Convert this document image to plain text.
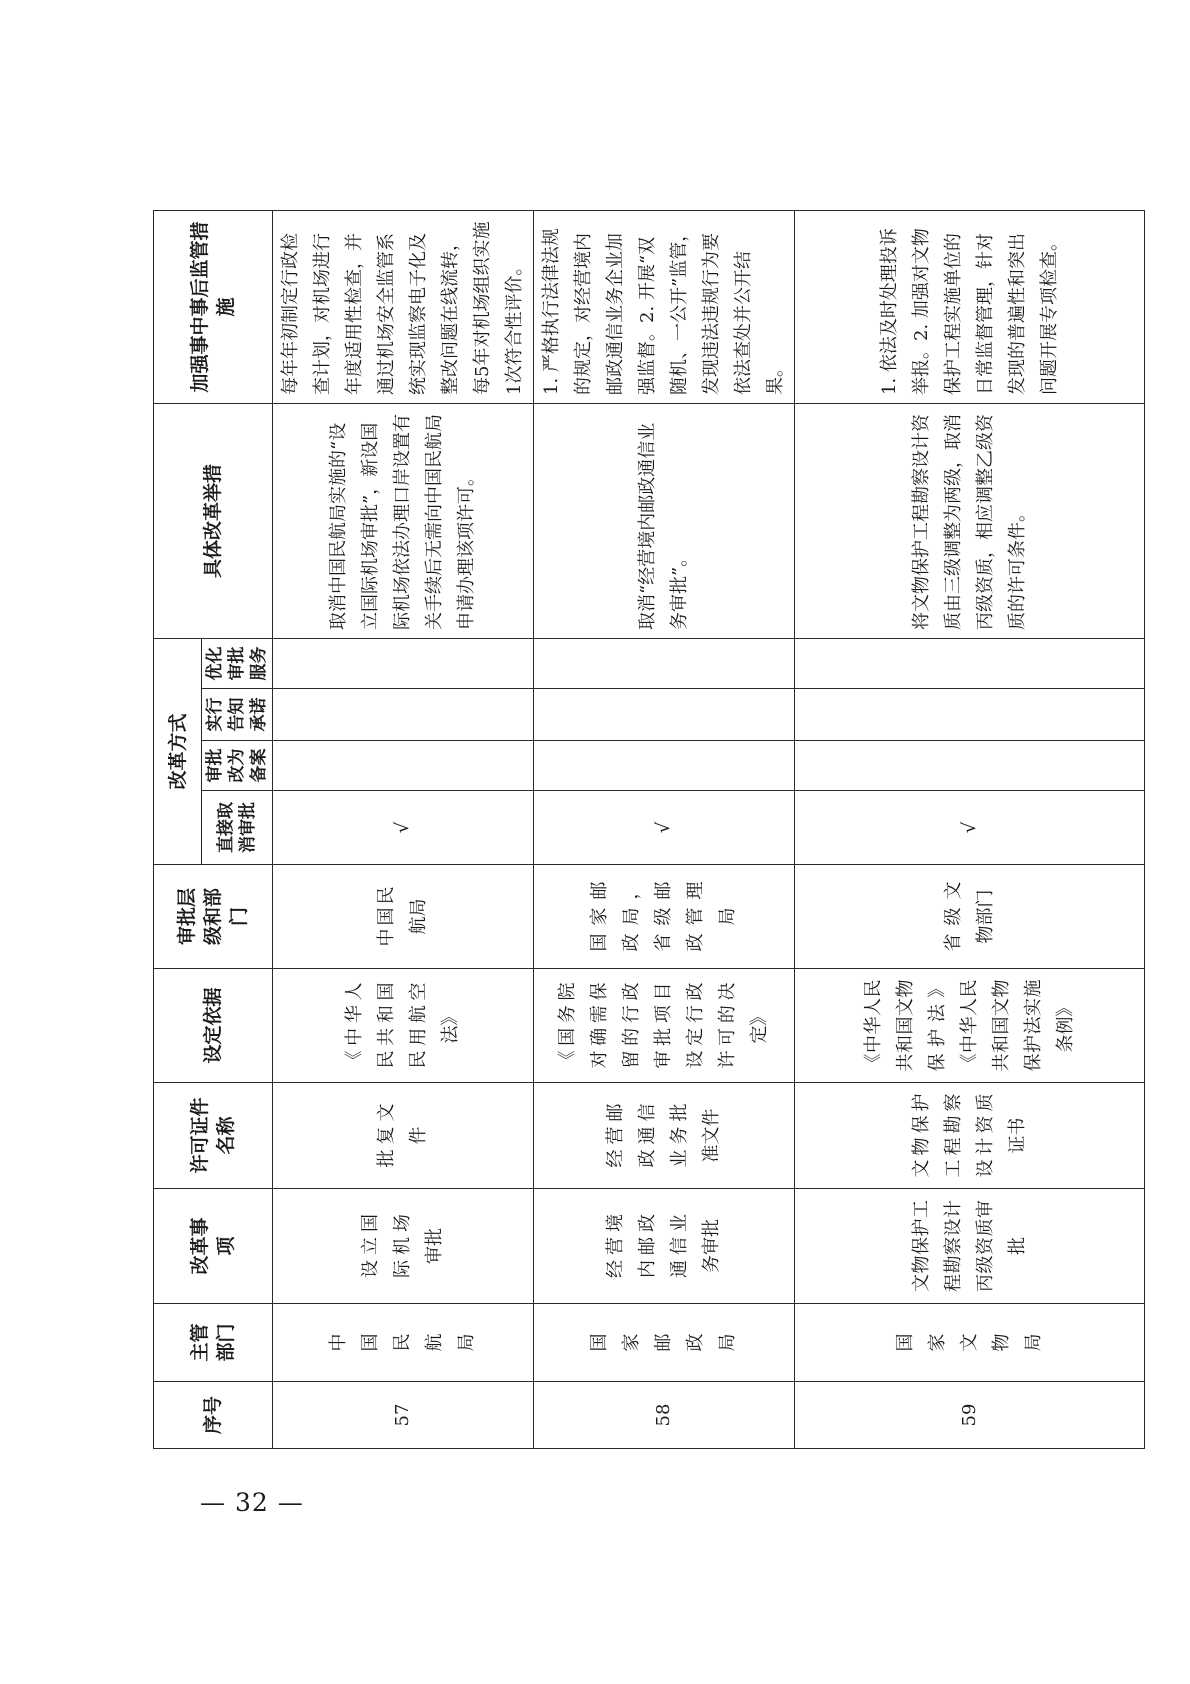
序号	主管部门	改革事项	许可证件名称	设定依据	审批层级和部门	改革方式				具体改革举措	加强事中事后监管措施
						直接取消审批	审批改为备案	实行告知承诺	优化审批服务		
57	中国民航局	设立国际机场审批	批复文件	《中华人民共和国民用航空法》	中国民航局	√				取消中国民航局实施的“设立国际机场审批”，新设国际机场依法办理口岸设置有关手续后无需向中国民航局申请办理该项许可。	每年年初制定行政检查计划，对机场进行年度适用性检查，并通过机场安全监管系统实现监察电子化及整改问题在线流转，每5年对机场组织实施1次符合性评价。
58	国家邮政局	经营境内邮政通信业务审批	经营邮政通信业务批准文件	《国务院对确需保留的行政审批项目设定行政许可的决定》	国家邮政局，省级邮政管理局	√				取消“经营境内邮政通信业务审批”。	1. 严格执行法律法规的规定，对经营境内邮政通信业务企业加强监督。2. 开展“双随机、一公开”监管，发现违法违规行为要依法查处并公开结果。
59	国家文物局	文物保护工程勘察设计丙级资质审批	文物保护工程勘察设计资质证书	《中华人民共和国文物保护法》《中华人民共和国文物保护法实施条例》	省级文物部门	√				将文物保护工程勘察设计资质由三级调整为两级，取消丙级资质，相应调整乙级资质的许可条件。	1. 依法及时处理投诉举报。2. 加强对文物保护工程实施单位的日常监督管理，针对发现的普遍性和突出问题开展专项检查。
— 32 —
